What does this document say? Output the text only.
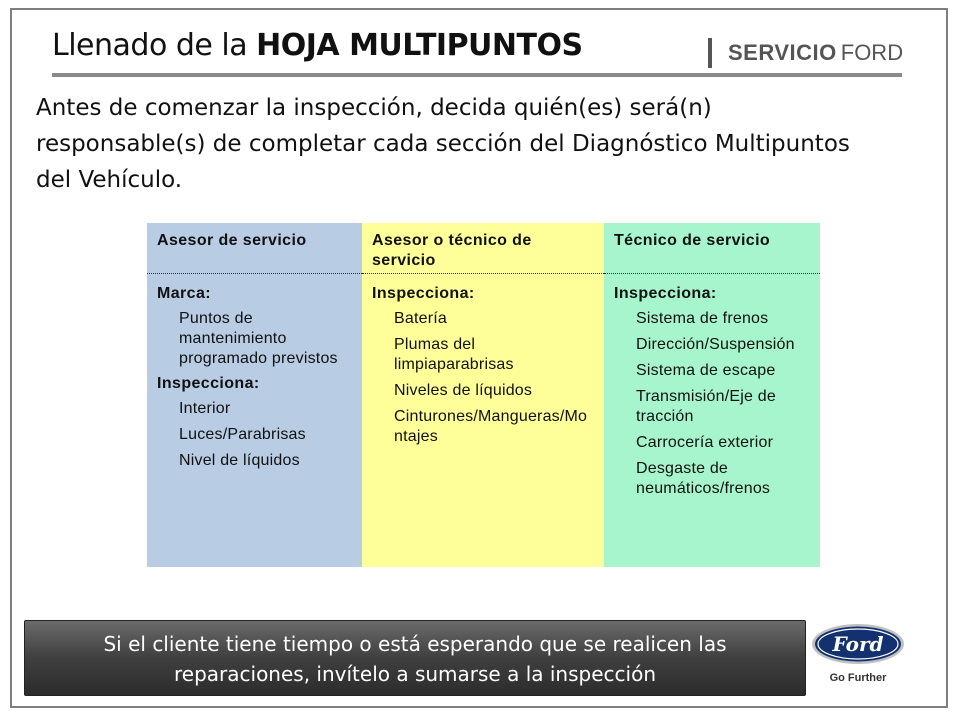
Llenado de la HOJA MULTIPUNTOS	SERVICIO FORD
Antes de comenzar la inspección, decida quién(es) será(n) responsable(s) de completar cada sección del Diagnóstico Multipuntos del Vehículo.
Asesor de servicio
Marca:
Puntos de mantenimiento programado previstos
Inspecciona:
Interior
Luces/Parabrisas
Nivel de líquidos
Asesor o técnico de servicio
Inspecciona:
Batería
Plumas del limpiaparabrisas
Niveles de líquidos
Cinturones/Mangueras/Montajes
Técnico de servicio
Inspecciona:
Sistema de frenos
Dirección/Suspensión
Sistema de escape
Transmisión/Eje de tracción
Carrocería exterior
Desgaste de neumáticos/frenos
Si el cliente tiene tiempo o está esperando que se realicen las
reparaciones, invítelo a sumarse a la inspección
Ford
Go Further
